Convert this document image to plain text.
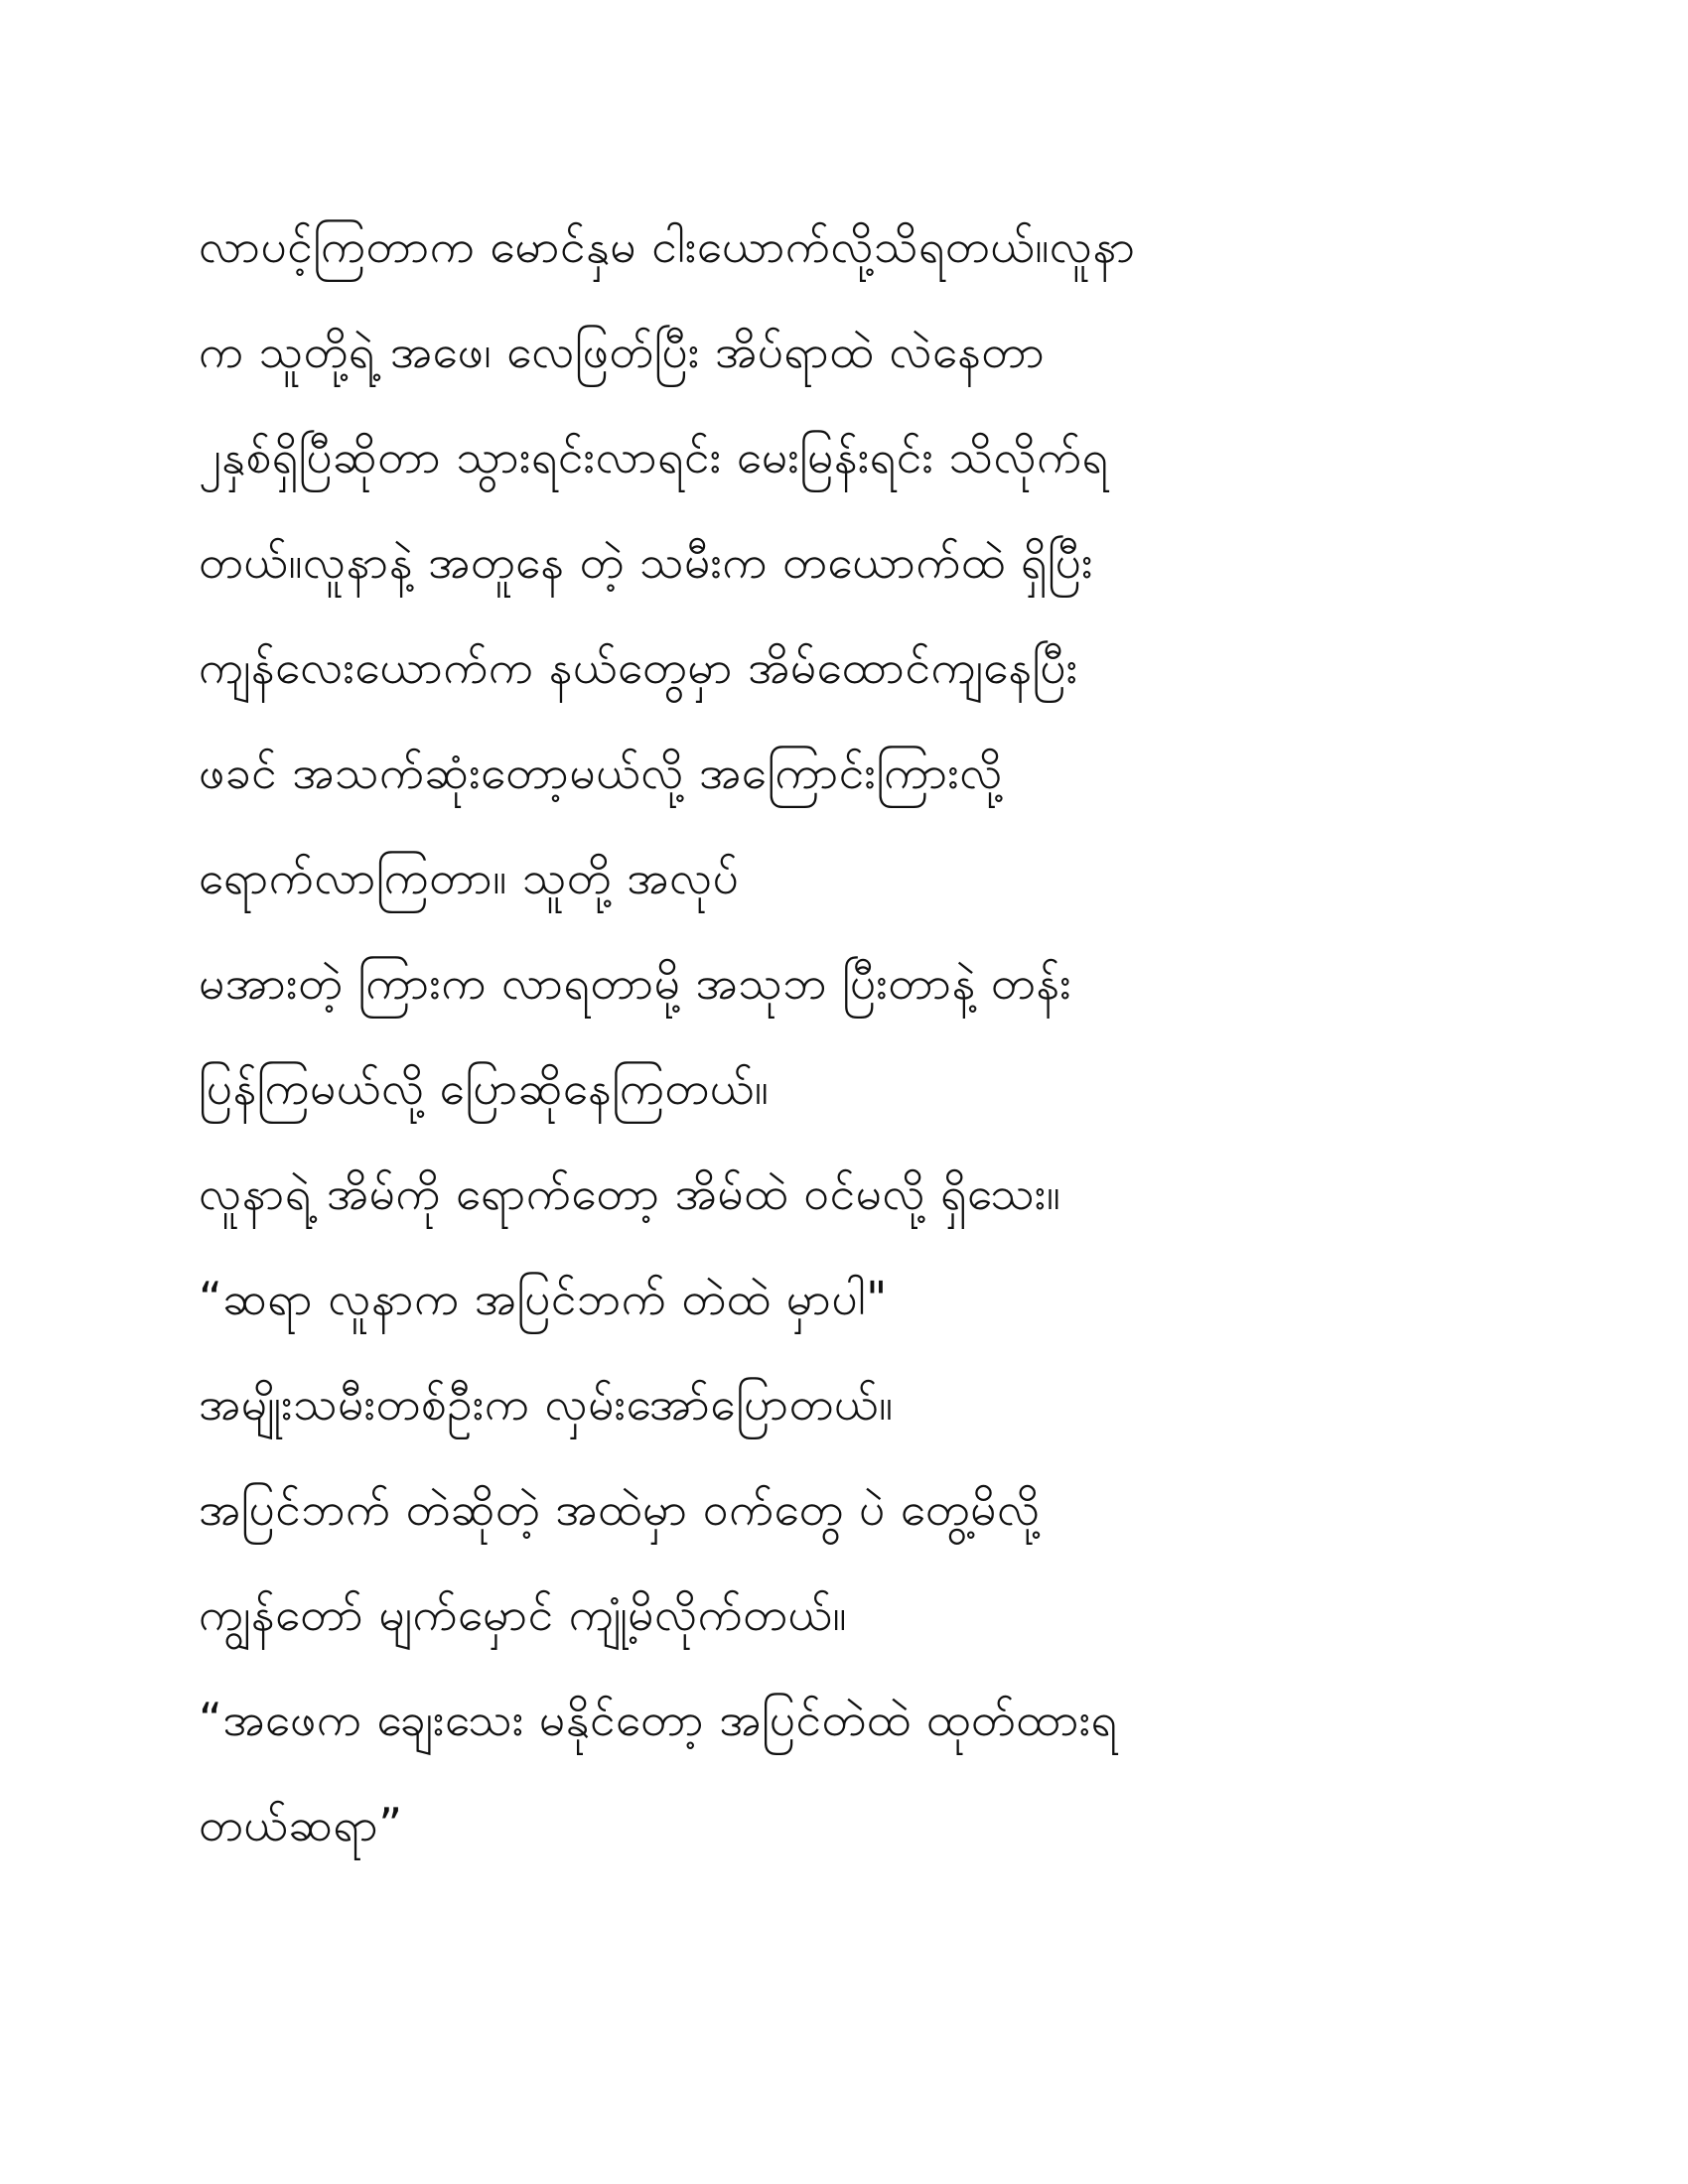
လာပင့်ကြတာက မောင်နှမ ငါးယောက်လို့သိရတယ်။လူနာ
က သူတို့ရဲ့ အဖေ၊ လေဖြတ်ပြီး အိပ်ရာထဲ လဲနေတာ
၂နှစ်ရှိပြီဆိုတာ သွားရင်းလာရင်း မေးမြန်းရင်း သိလိုက်ရ
တယ်။လူနာနဲ့ အတူနေ တဲ့ သမီးက တယောက်ထဲ ရှိပြီး
ကျန်လေးယောက်က နယ်တွေမှာ အိမ်ထောင်ကျနေပြီး
ဖခင် အသက်ဆုံးတော့မယ်လို့ အကြောင်းကြားလို့
ရောက်လာကြတာ။ သူတို့ အလုပ်
မအားတဲ့ ကြားက လာရတာမို့ အသုဘ ပြီးတာနဲ့ တန်း
ပြန်ကြမယ်လို့ ပြောဆိုနေကြတယ်။
လူနာရဲ့ အိမ်ကို ရောက်တော့ အိမ်ထဲ ဝင်မလို့ ရှိသေး။
“ဆရာ လူနာက အပြင်ဘက် တဲထဲ မှာပါ"
အမျိုးသမီးတစ်ဦးက လှမ်းအော်ပြောတယ်။
အပြင်ဘက် တဲဆိုတဲ့ အထဲမှာ ဝက်တွေ ပဲ တွေ့မိလို့
ကျွန်တော် မျက်မှောင် ကျုံ့မိလိုက်တယ်။
“အဖေက ချေးသေး မနိုင်တော့ အပြင်တဲထဲ ထုတ်ထားရ
တယ်ဆရာ”
